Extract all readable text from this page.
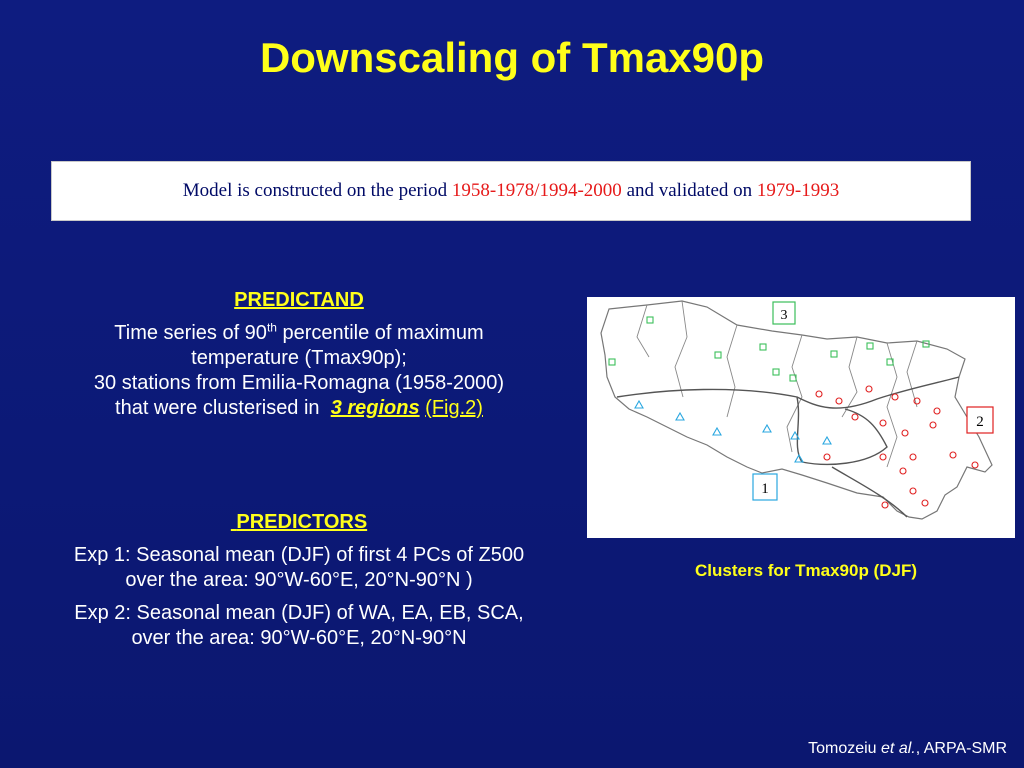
Downscaling of Tmax90p
Model is constructed on the period
1958-1978/1994-2000
and validated on
1979-1993

PREDICTAND

Time series of 90th percentile of maximum

temperature (Tmax90p);

30 stations from Emilia-Romagna (1958-2000)

that were clusterised in 3 regions (Fig.2)

PREDICTORS

Exp 1: Seasonal mean (DJF) of first 4 PCs of Z500

over the area: 90°W-60°E, 20°N-90°N )

Exp 2: Seasonal mean (DJF) of WA, EA, EB, SCA,

over the area: 90°W-60°E, 20°N-90°N

3
2
1
Clusters for Tmax90p (DJF)
Tomozeiu et al., ARPA-SMR
